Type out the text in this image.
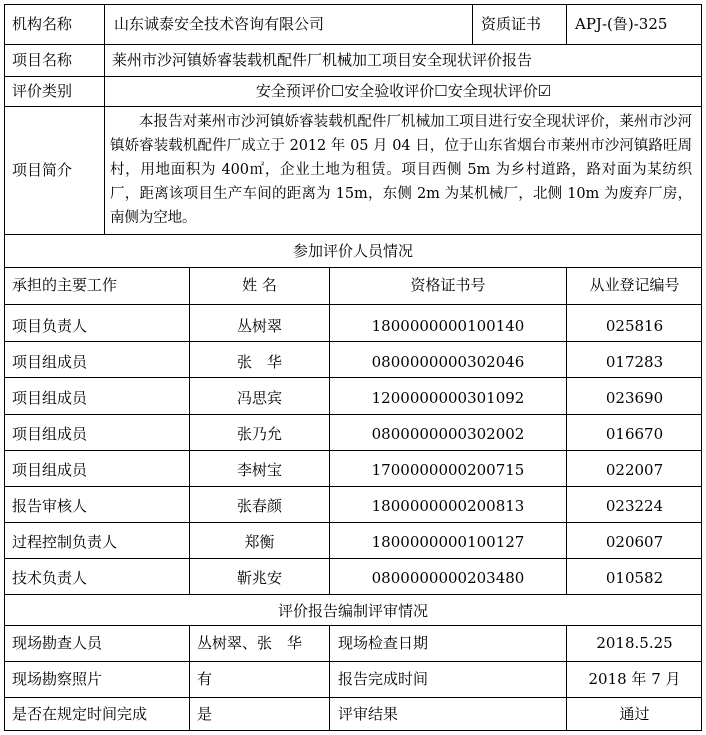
机构名称	山东诚泰安全技术咨询有限公司	资质证书 APJ-(鲁)-325
项目名称	莱州市沙河镇娇睿装载机配件厂机械加工项目安全现状评价报告
评价类别	安全预评价☐安全验收评价☐安全现状评价☑
项目简介
本报告对莱州市沙河镇娇睿装载机配件厂机械加工项目进行安全现状评价，莱州市沙河镇娇睿装载机配件厂成立于 2012 年 05 月 04 日，位于山东省烟台市莱州市沙河镇路旺周村，用地面积为 400㎡，企业土地为租赁。项目西侧 5m 为乡村道路，路对面为某纺织厂，距离该项目生产车间的距离为 15m，东侧 2m 为某机械厂，北侧 10m 为废弃厂房，南侧为空地。
参加评价人员情况
承担的主要工作	姓 名	资格证书号	从业登记编号
项目负责人	丛树翠	1800000000100140	025816
项目组成员	张　华	0800000000302046	017283
项目组成员	冯思宾	1200000000301092	023690
项目组成员	张乃允	0800000000302002	016670
项目组成员	李树宝	1700000000200715	022007
报告审核人	张春颜	1800000000200813	023224
过程控制负责人	郑衡	1800000000100127	020607
技术负责人	靳兆安	0800000000203480	010582
评价报告编制评审情况
现场勘查人员	丛树翠、张　华 现场检查日期	2018.5.25
现场勘察照片	有	报告完成时间	2018 年 7 月
是否在规定时间完成	是	评审结果	通过
